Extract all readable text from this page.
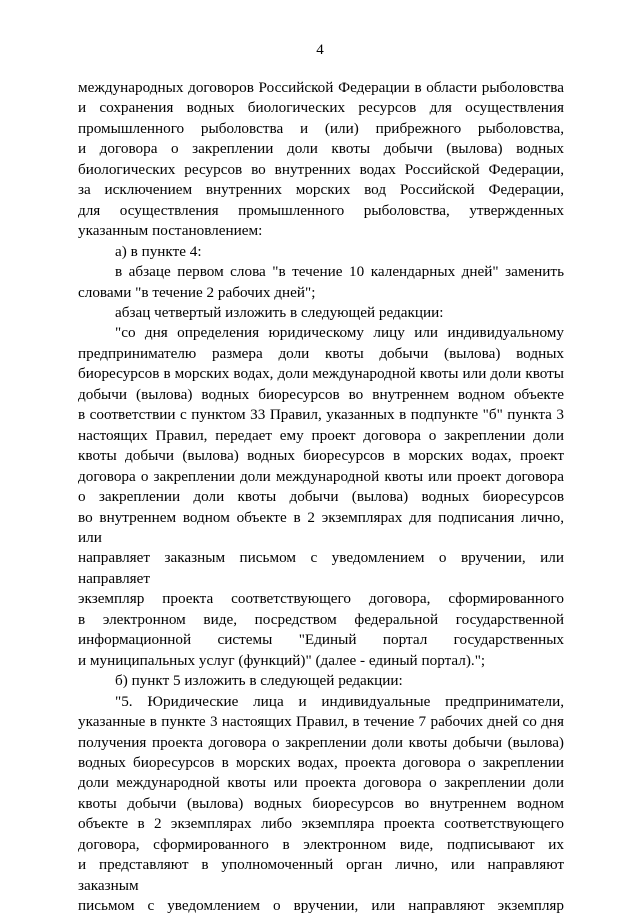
4

международных договоров Российской Федерации в области рыболовства

и сохранения водных биологических ресурсов для осуществления

промышленного рыболовства и (или) прибрежного рыболовства,

и договора о закреплении доли квоты добычи (вылова) водных

биологических ресурсов во внутренних водах Российской Федерации,

за исключением внутренних морских вод Российской Федерации,

для осуществления промышленного рыболовства, утвержденных

указанным постановлением:

а) в пункте 4:

в абзаце первом слова "в течение 10 календарных дней" заменить

словами "в течение 2 рабочих дней";

абзац четвертый изложить в следующей редакции:

"со дня определения юридическому лицу или индивидуальному

предпринимателю размера доли квоты добычи (вылова) водных

биоресурсов в морских водах, доли международной квоты или доли квоты

добычи (вылова) водных биоресурсов во внутреннем водном объекте

в соответствии с пунктом 33 Правил, указанных в подпункте "б" пункта 3

настоящих Правил, передает ему проект договора о закреплении доли

квоты добычи (вылова) водных биоресурсов в морских водах, проект

договора о закреплении доли международной квоты или проект договора

о закреплении доли квоты добычи (вылова) водных биоресурсов

во внутреннем водном объекте в 2 экземплярах для подписания лично, или

направляет заказным письмом с уведомлением о вручении, или направляет

экземпляр проекта соответствующего договора, сформированного

в электронном виде, посредством федеральной государственной

информационной системы "Единый портал государственных

и муниципальных услуг (функций)" (далее - единый портал).";

б) пункт 5 изложить в следующей редакции:

"5. Юридические лица и индивидуальные предприниматели,

указанные в пункте 3 настоящих Правил, в течение 7 рабочих дней со дня

получения проекта договора о закреплении доли квоты добычи (вылова)

водных биоресурсов в морских водах, проекта договора о закреплении

доли международной квоты или проекта договора о закреплении доли

квоты добычи (вылова) водных биоресурсов во внутреннем водном

объекте в 2 экземплярах либо экземпляра проекта соответствующего

договора, сформированного в электронном виде, подписывают их

и представляют в уполномоченный орган лично, или направляют заказным

письмом с уведомлением о вручении, или направляют экземпляр
